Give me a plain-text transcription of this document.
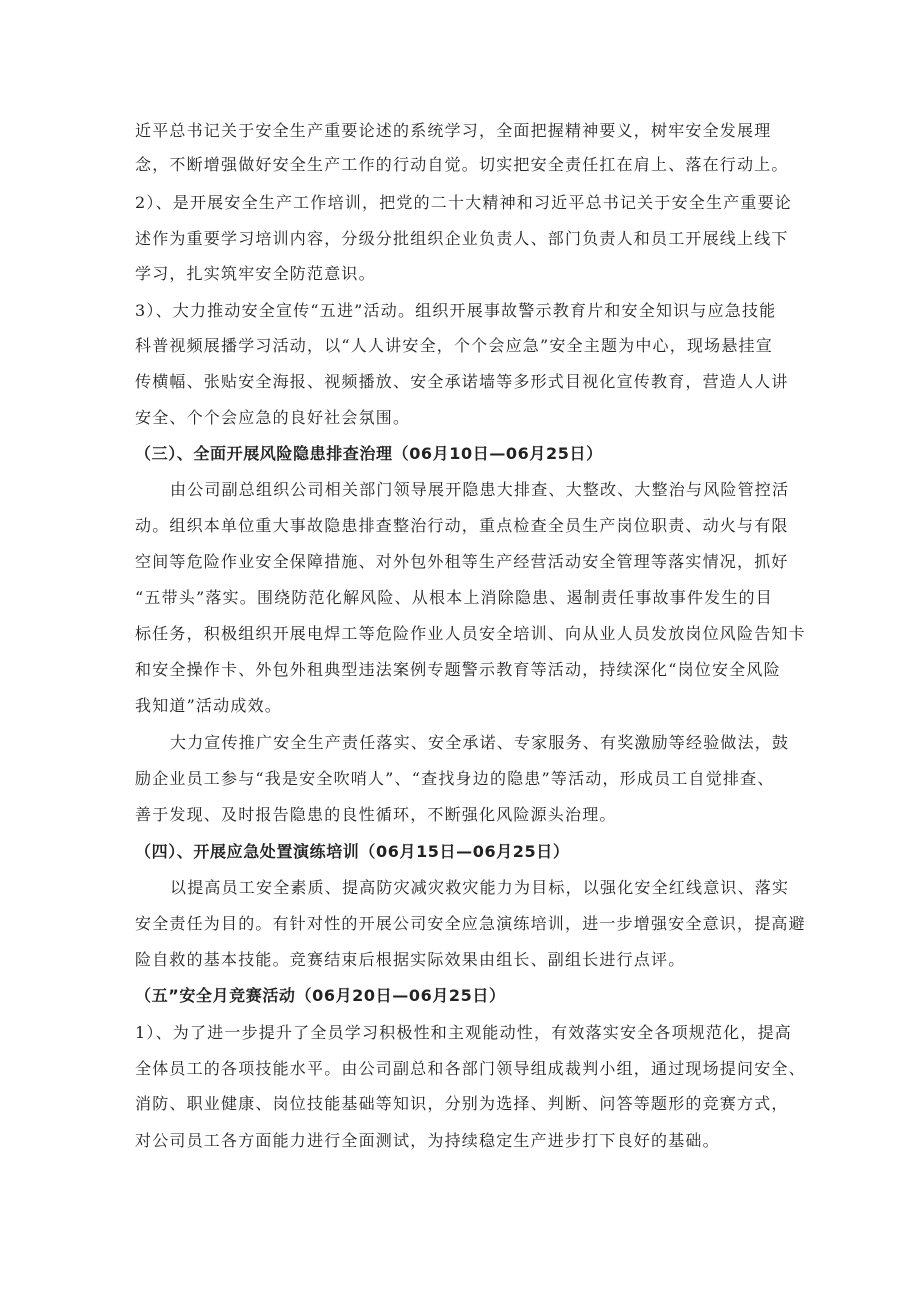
近平总书记关于安全生产重要论述的系统学习，全面把握精神要义，树牢安全发展理
念，不断增强做好安全生产工作的行动自觉。切实把安全责任扛在肩上、落在行动上。
2）、是开展安全生产工作培训，把党的二十大精神和习近平总书记关于安全生产重要论
述作为重要学习培训内容，分级分批组织企业负责人、部门负责人和员工开展线上线下
学习，扎实筑牢安全防范意识。
3）、大力推动安全宣传“五进”活动。组织开展事故警示教育片和安全知识与应急技能
科普视频展播学习活动，以“人人讲安全，个个会应急”安全主题为中心，现场悬挂宣
传横幅、张贴安全海报、视频播放、安全承诺墙等多形式目视化宣传教育，营造人人讲
安全、个个会应急的良好社会氛围。
（三）、全面开展风险隐患排查治理（06月10日—06月25日）
由公司副总组织公司相关部门领导展开隐患大排查、大整改、大整治与风险管控活
动。组织本单位重大事故隐患排查整治行动，重点检查全员生产岗位职责、动火与有限
空间等危险作业安全保障措施、对外包外租等生产经营活动安全管理等落实情况，抓好
“五带头”落实。围绕防范化解风险、从根本上消除隐患、遏制责任事故事件发生的目
标任务，积极组织开展电焊工等危险作业人员安全培训、向从业人员发放岗位风险告知卡
和安全操作卡、外包外租典型违法案例专题警示教育等活动，持续深化“岗位安全风险
我知道”活动成效。
大力宣传推广安全生产责任落实、安全承诺、专家服务、有奖激励等经验做法，鼓
励企业员工参与“我是安全吹哨人”、“查找身边的隐患”等活动，形成员工自觉排查、
善于发现、及时报告隐患的良性循环，不断强化风险源头治理。
（四）、开展应急处置演练培训（06月15日—06月25日）
以提高员工安全素质、提高防灾减灾救灾能力为目标，以强化安全红线意识、落实
安全责任为目的。有针对性的开展公司安全应急演练培训，进一步增强安全意识，提高避
险自救的基本技能。竞赛结束后根据实际效果由组长、副组长进行点评。
（五”安全月竞赛活动（06月20日—06月25日）
1）、为了进一步提升了全员学习积极性和主观能动性，有效落实安全各项规范化，提高
全体员工的各项技能水平。由公司副总和各部门领导组成裁判小组，通过现场提问安全、
消防、职业健康、岗位技能基础等知识，分别为选择、判断、问答等题形的竞赛方式，
对公司员工各方面能力进行全面测试，为持续稳定生产进步打下良好的基础。
